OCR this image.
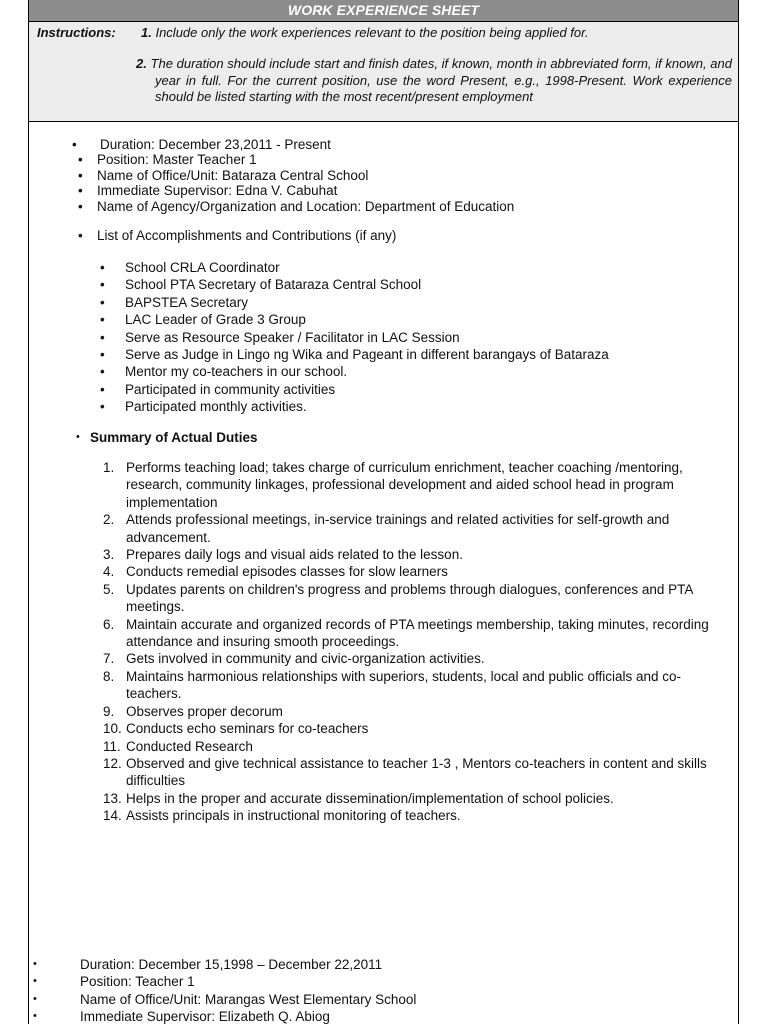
WORK EXPERIENCE SHEET
Instructions: 1. Include only the work experiences relevant to the position being applied for.
2. The duration should include start and finish dates, if known, month in abbreviated form, if known, and year in full. For the current position, use the word Present, e.g., 1998-Present. Work experience should be listed starting with the most recent/present employment
• Duration: December 23,2011 - Present
• Position: Master Teacher 1
• Name of Office/Unit: Bataraza Central School
• Immediate Supervisor: Edna V. Cabuhat
• Name of Agency/Organization and Location: Department of Education
• List of Accomplishments and Contributions (if any)
• School CRLA Coordinator
• School PTA Secretary of Bataraza Central School
• BAPSTEA Secretary
• LAC Leader of Grade 3 Group
• Serve as Resource Speaker / Facilitator in LAC Session
• Serve as Judge in Lingo ng Wika and Pageant in different barangays of Bataraza
• Mentor my co-teachers in our school.
• Participated in community activities
• Participated monthly activities.
• Summary of Actual Duties
1. Performs teaching load; takes charge of curriculum enrichment, teacher coaching /mentoring, research, community linkages, professional development and aided school head in program implementation
2. Attends professional meetings, in-service trainings and related activities for self-growth and advancement.
3. Prepares daily logs and visual aids related to the lesson.
4. Conducts remedial episodes classes for slow learners
5. Updates parents on children's progress and problems through dialogues, conferences and PTA meetings.
6. Maintain accurate and organized records of PTA meetings membership, taking minutes, recording attendance and insuring smooth proceedings.
7. Gets involved in community and civic-organization activities.
8. Maintains harmonious relationships with superiors, students, local and public officials and co-teachers.
9. Observes proper decorum
10. Conducts echo seminars for co-teachers
11. Conducted Research
12. Observed and give technical assistance to teacher 1-3 , Mentors co-teachers in content and skills difficulties
13. Helps in the proper and accurate dissemination/implementation of school policies.
14. Assists principals in instructional monitoring of teachers.
•	Duration: December 15,1998 – December 22,2011
•	Position: Teacher 1
•	Name of Office/Unit: Marangas West Elementary School
•	Immediate Supervisor: Elizabeth Q. Abiog
